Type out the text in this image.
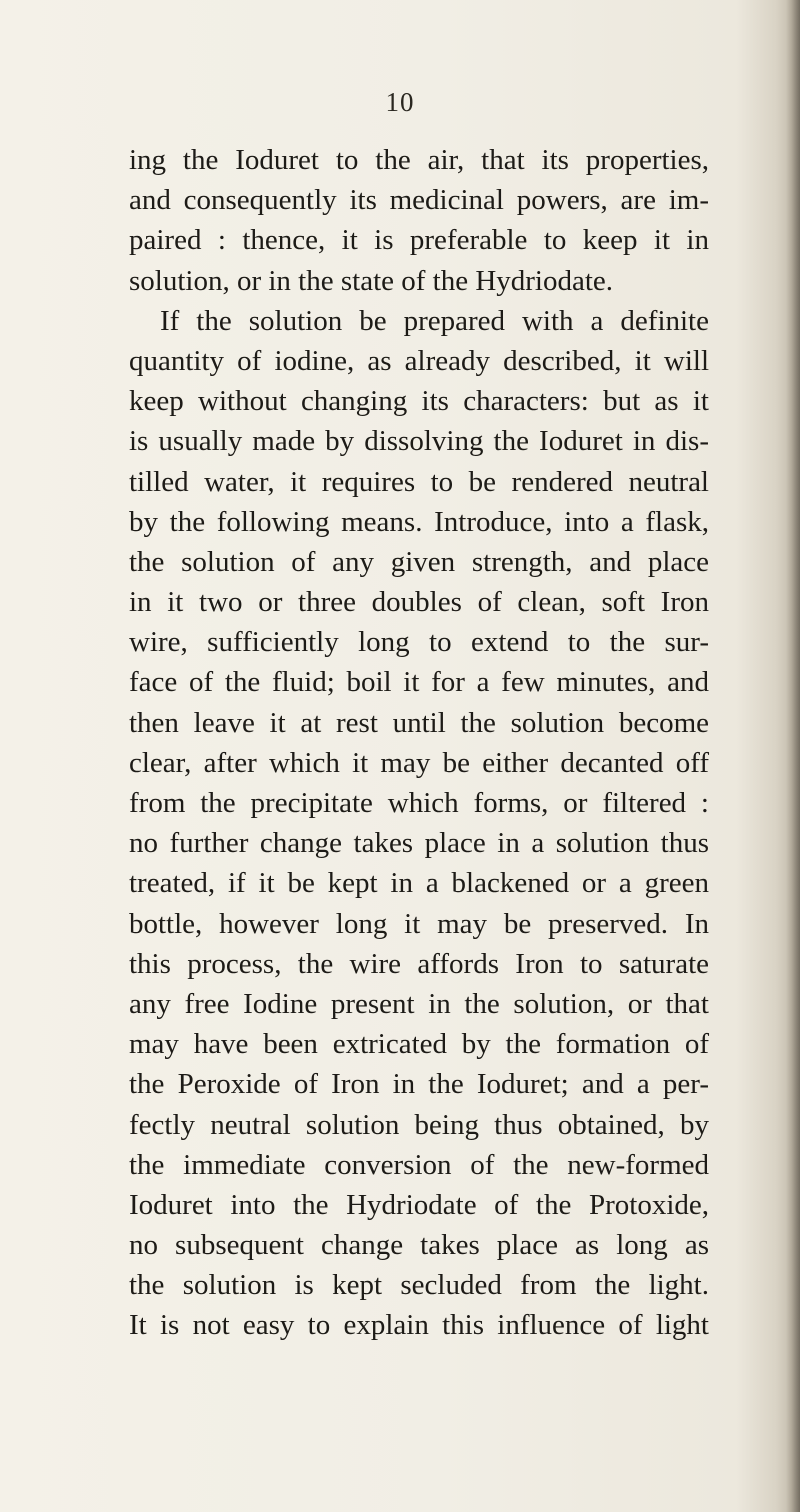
10
ing the Ioduret to the air, that its properties,
and consequently its medicinal powers, are im-
paired : thence, it is preferable to keep it in
solution, or in the state of the Hydriodate.
If the solution be prepared with a definite
quantity of iodine, as already described, it will
keep without changing its characters: but as it
is usually made by dissolving the Ioduret in dis-
tilled water, it requires to be rendered neutral
by the following means. Introduce, into a flask,
the solution of any given strength, and place
in it two or three doubles of clean, soft Iron
wire, sufficiently long to extend to the sur-
face of the fluid; boil it for a few minutes, and
then leave it at rest until the solution become
clear, after which it may be either decanted off
from the precipitate which forms, or filtered :
no further change takes place in a solution thus
treated, if it be kept in a blackened or a green
bottle, however long it may be preserved. In
this process, the wire affords Iron to saturate
any free Iodine present in the solution, or that
may have been extricated by the formation of
the Peroxide of Iron in the Ioduret; and a per-
fectly neutral solution being thus obtained, by
the immediate conversion of the new-formed
Ioduret into the Hydriodate of the Protoxide,
no subsequent change takes place as long as
the solution is kept secluded from the light.
It is not easy to explain this influence of light
